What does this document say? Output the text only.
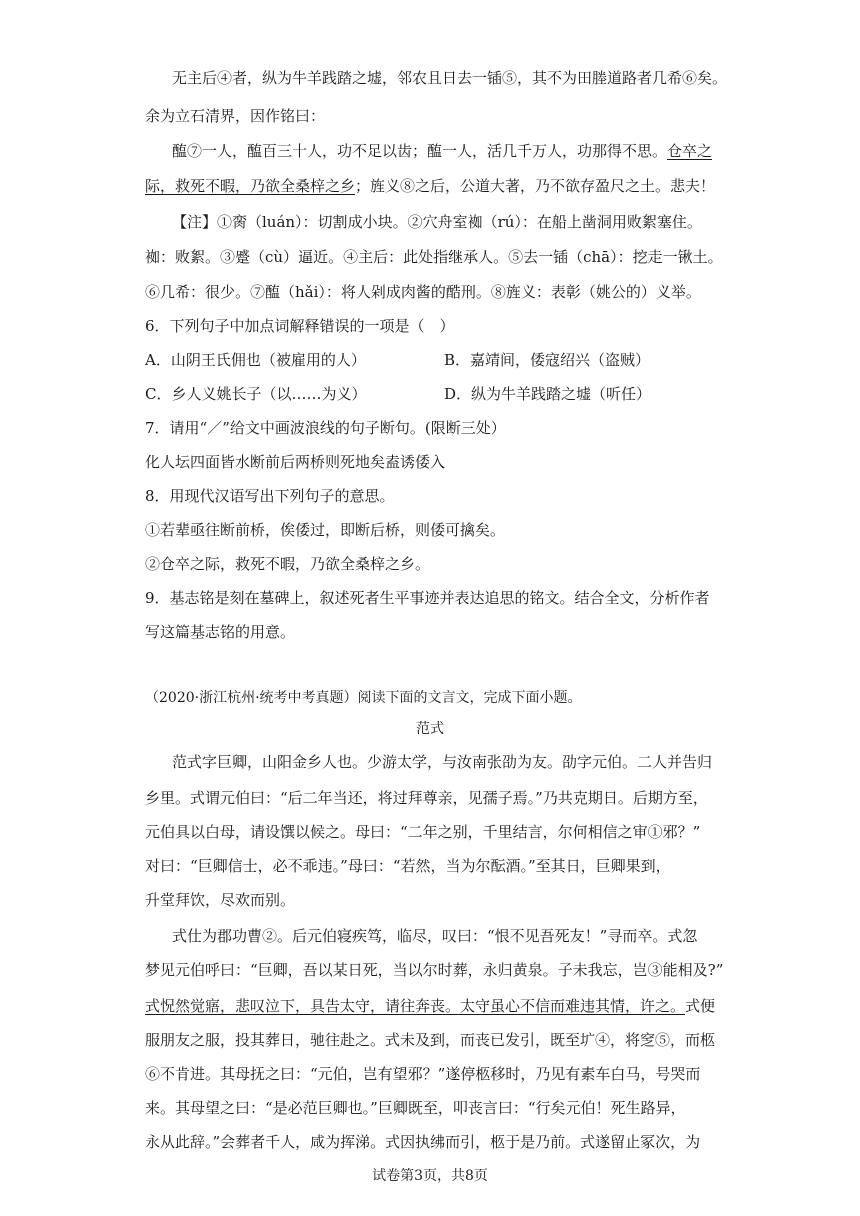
无主后④者，纵为牛羊践踏之墟，邻农且日去一锸⑤，其不为田塍道路者几希⑥矣。
余为立石清界，因作铭曰：
醢⑦一人，醢百三十人，功不足以齿；醢一人，活几千万人，功那得不思。仓卒之
际，救死不暇，乃欲全桑梓之乡；旌义⑧之后，公道大著，乃不欲存盈尺之土。悲夫！
【注】①脔（luán）：切割成小块。②穴舟室袽（rú）：在船上凿洞用败絮塞住。
袽：败絮。③蹙（cù）逼近。④主后：此处指继承人。⑤去一锸（chā）：挖走一锹土。
⑥几希：很少。⑦醢（hǎi）：将人剁成肉酱的酷刑。⑧旌义：表彰（姚公的）义举。
6．下列句子中加点词解释错误的一项是（　）
A．山阴王氏佣也（被雇用的人）	B．嘉靖间，倭寇绍兴（盗贼）
C．乡人义姚长子（以……为义）	D．纵为牛羊践踏之墟（听任）
7．请用“／”给文中画波浪线的句子断句。(限断三处）
化人坛四面皆水断前后两桥则死地矣盍诱倭入
8．用现代汉语写出下列句子的意思。
①若辈亟往断前桥，俟倭过，即断后桥，则倭可擒矣。
②仓卒之际，救死不暇，乃欲全桑梓之乡。
9．基志铭是刻在墓碑上，叙述死者生平事迹并表达追思的铭文。结合全文，分析作者
写这篇基志铭的用意。
（2020·浙江杭州·统考中考真题）阅读下面的文言文，完成下面小题。
范式
范式字巨卿，山阳金乡人也。少游太学，与汝南张劭为友。劭字元伯。二人并告归
乡里。式谓元伯曰：“后二年当还，将过拜尊亲，见孺子焉。”乃共克期日。后期方至，
元伯具以白母，请设馔以候之。母曰：“二年之别，千里结言，尔何相信之审①邪？”
对曰：“巨卿信士，必不乖违。”母曰：“若然，当为尔酝酒。”至其日，巨卿果到，
升堂拜饮，尽欢而别。
式仕为郡功曹②。后元伯寝疾笃，临尽，叹曰：“恨不见吾死友！”寻而卒。式忽
梦见元伯呼曰：“巨卿，吾以某日死，当以尔时葬，永归黄泉。子未我忘，岂③能相及?”
式怳然觉寤，悲叹泣下，具告太守，请往奔丧。太守虽心不信而难违其情，许之。式便
服朋友之服，投其葬日，驰往赴之。式未及到，而丧已发引，既至圹④，将窆⑤，而柩
⑥不肯进。其母抚之曰：“元伯，岂有望邪？”遂停柩移时，乃见有素车白马，号哭而
来。其母望之曰：“是必范巨卿也。”巨卿既至，叩丧言曰：“行矣元伯！死生路异，
永从此辞。”会葬者千人，咸为挥涕。式因执绋而引，柩于是乃前。式遂留止冢次，为
试卷第3页，共8页
